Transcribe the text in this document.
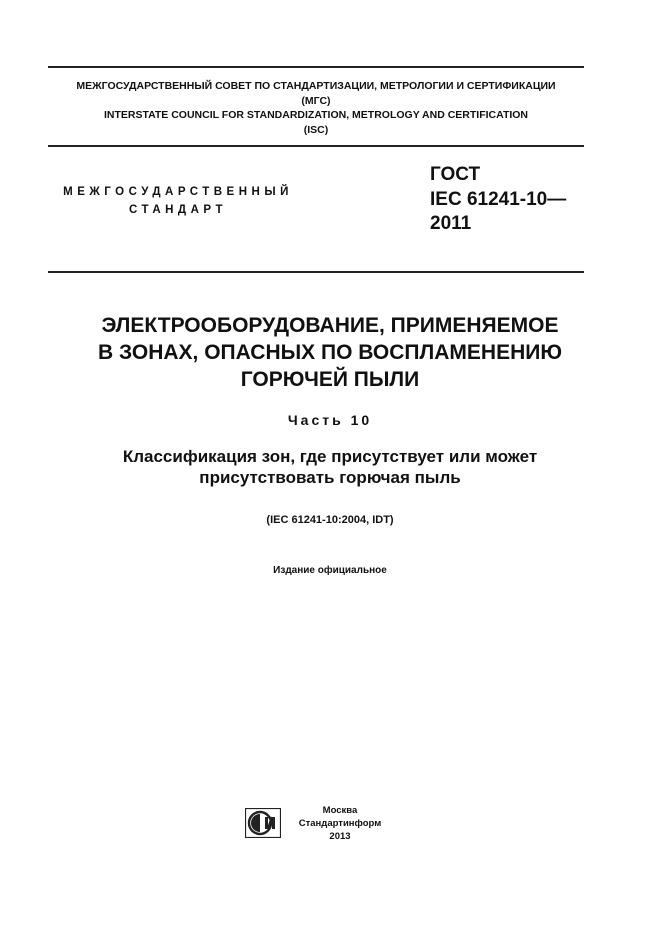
МЕЖГОСУДАРСТВЕННЫЙ СОВЕТ ПО СТАНДАРТИЗАЦИИ, МЕТРОЛОГИИ И СЕРТИФИКАЦИИ
(МГС)
INTERSTATE COUNCIL FOR STANDARDIZATION, METROLOGY AND CERTIFICATION
(ISC)
МЕЖГОСУДАРСТВЕННЫЙ
СТАНДАРТ
ГОСТ
IEC 61241-10—
2011
ЭЛЕКТРООБОРУДОВАНИЕ, ПРИМЕНЯЕМОЕ
В ЗОНАХ, ОПАСНЫХ ПО ВОСПЛАМЕНЕНИЮ
ГОРЮЧЕЙ ПЫЛИ
Часть 10
Классификация зон, где присутствует или может
присутствовать горючая пыль
(IEC 61241-10:2004, IDT)
Издание официальное
Москва
Стандартинформ
2013
